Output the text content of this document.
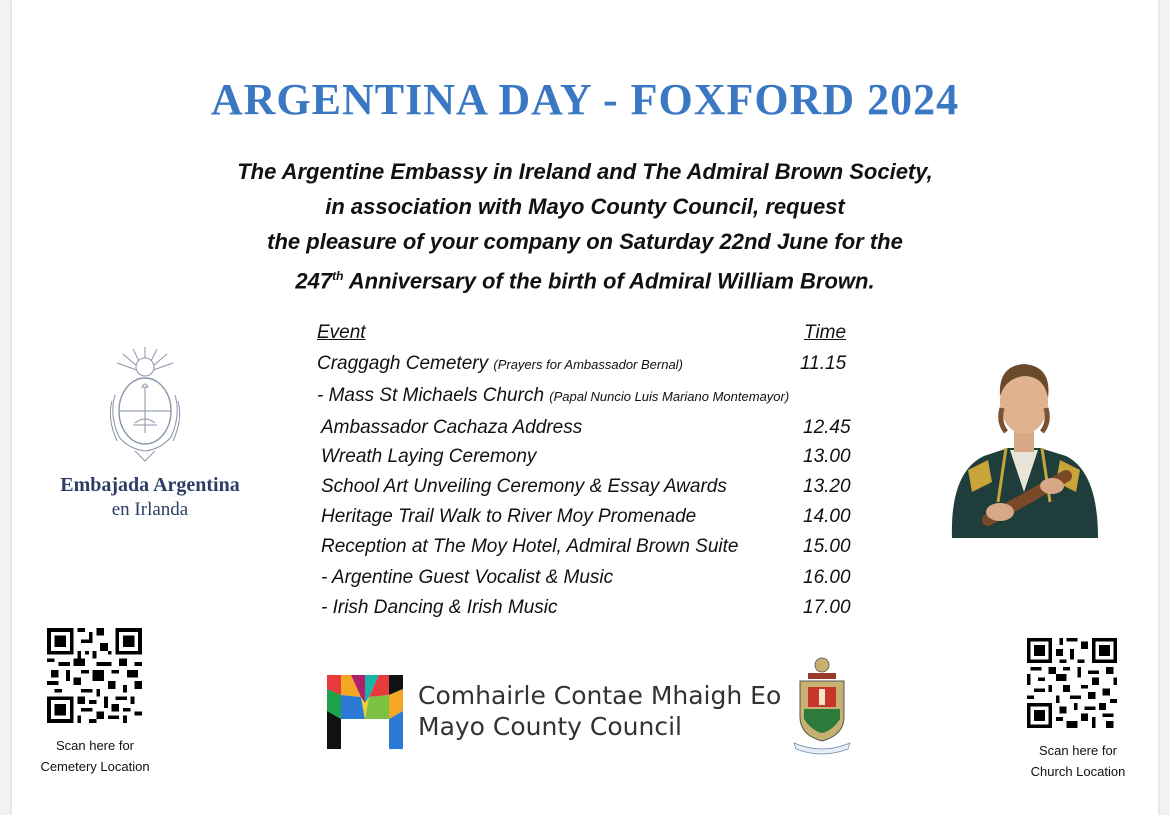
ARGENTINA DAY - FOXFORD 2024
The Argentine Embassy in Ireland and The Admiral Brown Society,
in association with Mayo County Council, request
the pleasure of your company on Saturday 22nd June for the
247th Anniversary of the birth of Admiral William Brown.
Event	Time
Craggagh Cemetery (Prayers for Ambassador Bernal)	11.15
- Mass St Michaels Church (Papal Nuncio Luis Mariano Montemayor)
Ambassador Cachaza Address	12.45
Wreath Laying Ceremony	13.00
School Art Unveiling Ceremony & Essay Awards	13.20
Heritage Trail Walk to River Moy Promenade	14.00
Reception at The Moy Hotel, Admiral Brown Suite	15.00
- Argentine Guest Vocalist & Music	16.00
- Irish Dancing & Irish Music	17.00
Embajada Argentina
en Irlanda
Scan here for
Cemetery Location
Scan here for
Church Location
Comhairle Contae Mhaigh Eo
Mayo County Council
